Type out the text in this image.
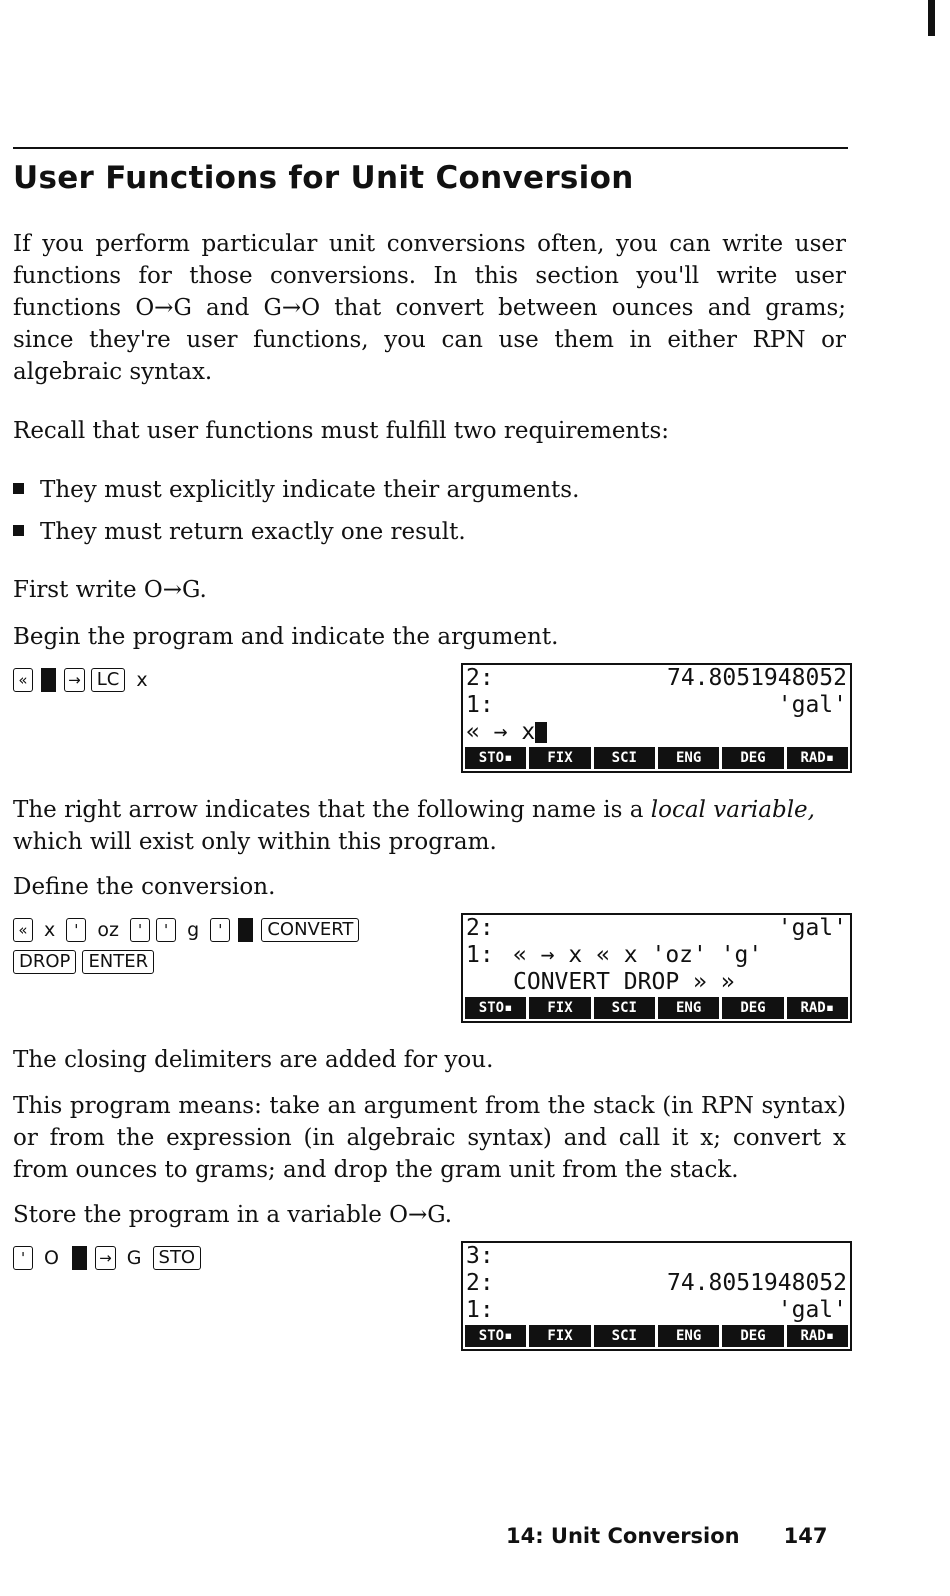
User Functions for Unit Conversion

If you perform particular unit conversions often, you can write user functions for those conversions. In this section you'll write user functions O→G and G→O that convert between ounces and grams; since they're user functions, you can use them in either RPN or algebraic syntax.

Recall that user functions must fulfill two requirements:

They must explicitly indicate their arguments.

They must return exactly one result.

First write O→G.

Begin the program and indicate the argument.

«	→ LC x	2:	74.8051948052
1:	'gal'
« → x
STO▪	FIX	SCI	ENG	DEG	RAD▪

The right arrow indicates that the following name is a local variable,
which will exist only within this program.

Define the conversion.

« x ' oz ' ' g '	CONVERT
DROP ENTER
2:	'gal'
1: « → x « x 'oz' 'g'
CONVERT DROP » »
STO▪	FIX	SCI	ENG	DEG	RAD▪

The closing delimiters are added for you.

This program means: take an argument from the stack (in RPN syntax) or from the expression (in algebraic syntax) and call it x; convert x from ounces to grams; and drop the gram unit from the stack.

Store the program in a variable O→G.

' O	→ G STO	3:
2:	74.8051948052
1:	'gal'
STO▪	FIX	SCI	ENG	DEG	RAD▪
14: Unit Conversion 147
